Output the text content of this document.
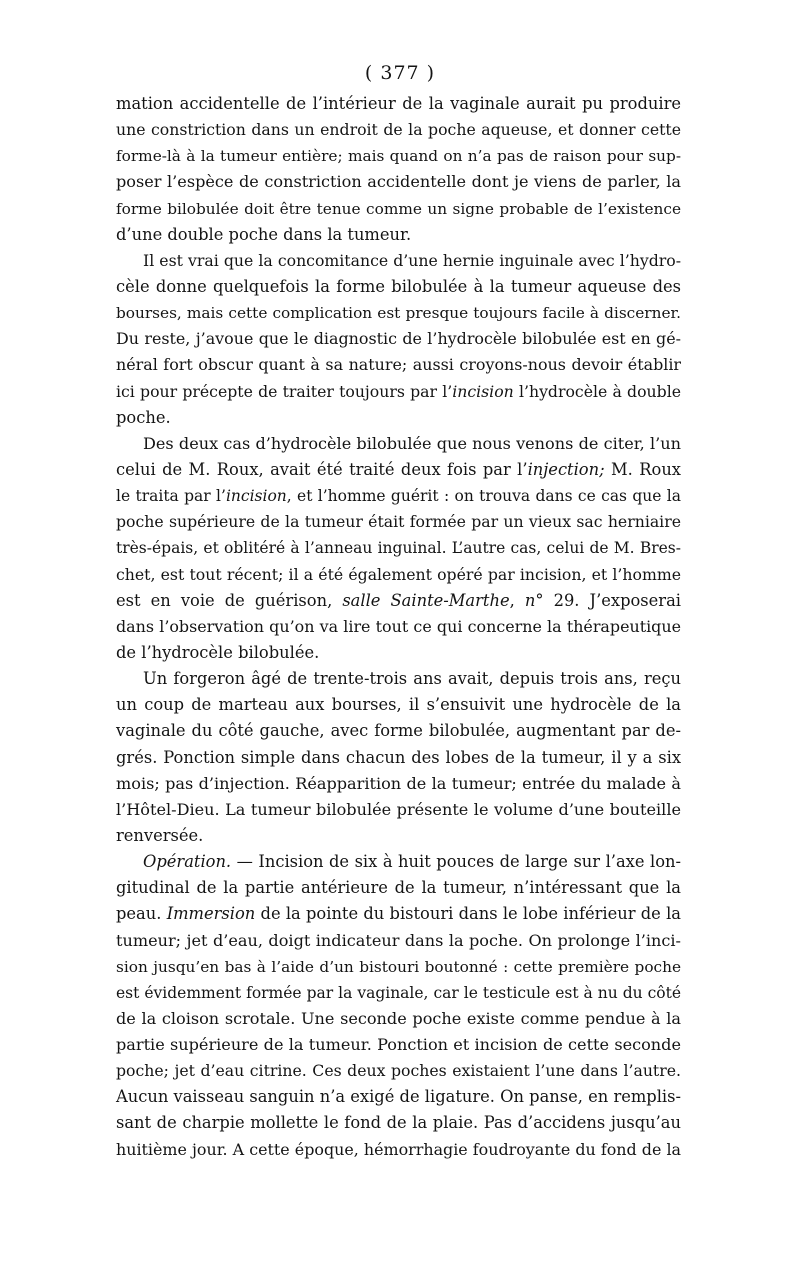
( 377 )
mation accidentelle de l’intérieur de la vaginale aurait pu produire
une constriction dans un endroit de la poche aqueuse, et donner cette
forme-là à la tumeur entière; mais quand on n’a pas de raison pour sup-
poser l’espèce de constriction accidentelle dont je viens de parler, la
forme bilobulée doit être tenue comme un signe probable de l’existence
d’une double poche dans la tumeur.
Il est vrai que la concomitance d’une hernie inguinale avec l’hydro-
cèle donne quelquefois la forme bilobulée à la tumeur aqueuse des
bourses, mais cette complication est presque toujours facile à discerner.
Du reste, j’avoue que le diagnostic de l’hydrocèle bilobulée est en gé-
néral fort obscur quant à sa nature; aussi croyons-nous devoir établir
ici pour précepte de traiter toujours par l’incision l’hydrocèle à double
poche.
Des deux cas d’hydrocèle bilobulée que nous venons de citer, l’un
celui de M. Roux, avait été traité deux fois par l’injection; M. Roux
le traita par l’incision, et l’homme guérit : on trouva dans ce cas que la
poche supérieure de la tumeur était formée par un vieux sac herniaire
très-épais, et oblitéré à l’anneau inguinal. L’autre cas, celui de M. Bres-
chet, est tout récent; il a été également opéré par incision, et l’homme
est en voie de guérison, salle Sainte-Marthe, n° 29. J’exposerai
dans l’observation qu’on va lire tout ce qui concerne la thérapeutique
de l’hydrocèle bilobulée.
Un forgeron âgé de trente-trois ans avait, depuis trois ans, reçu
un coup de marteau aux bourses, il s’ensuivit une hydrocèle de la
vaginale du côté gauche, avec forme bilobulée, augmentant par de-
grés. Ponction simple dans chacun des lobes de la tumeur, il y a six
mois; pas d’injection. Réapparition de la tumeur; entrée du malade à
l’Hôtel-Dieu. La tumeur bilobulée présente le volume d’une bouteille
renversée.
Opération. — Incision de six à huit pouces de large sur l’axe lon-
gitudinal de la partie antérieure de la tumeur, n’intéressant que la
peau. Immersion de la pointe du bistouri dans le lobe inférieur de la
tumeur; jet d’eau, doigt indicateur dans la poche. On prolonge l’inci-
sion jusqu’en bas à l’aide d’un bistouri boutonné : cette première poche
est évidemment formée par la vaginale, car le testicule est à nu du côté
de la cloison scrotale. Une seconde poche existe comme pendue à la
partie supérieure de la tumeur. Ponction et incision de cette seconde
poche; jet d’eau citrine. Ces deux poches existaient l’une dans l’autre.
Aucun vaisseau sanguin n’a exigé de ligature. On panse, en remplis-
sant de charpie mollette le fond de la plaie. Pas d’accidens jusqu’au
huitième jour. A cette époque, hémorrhagie foudroyante du fond de la
